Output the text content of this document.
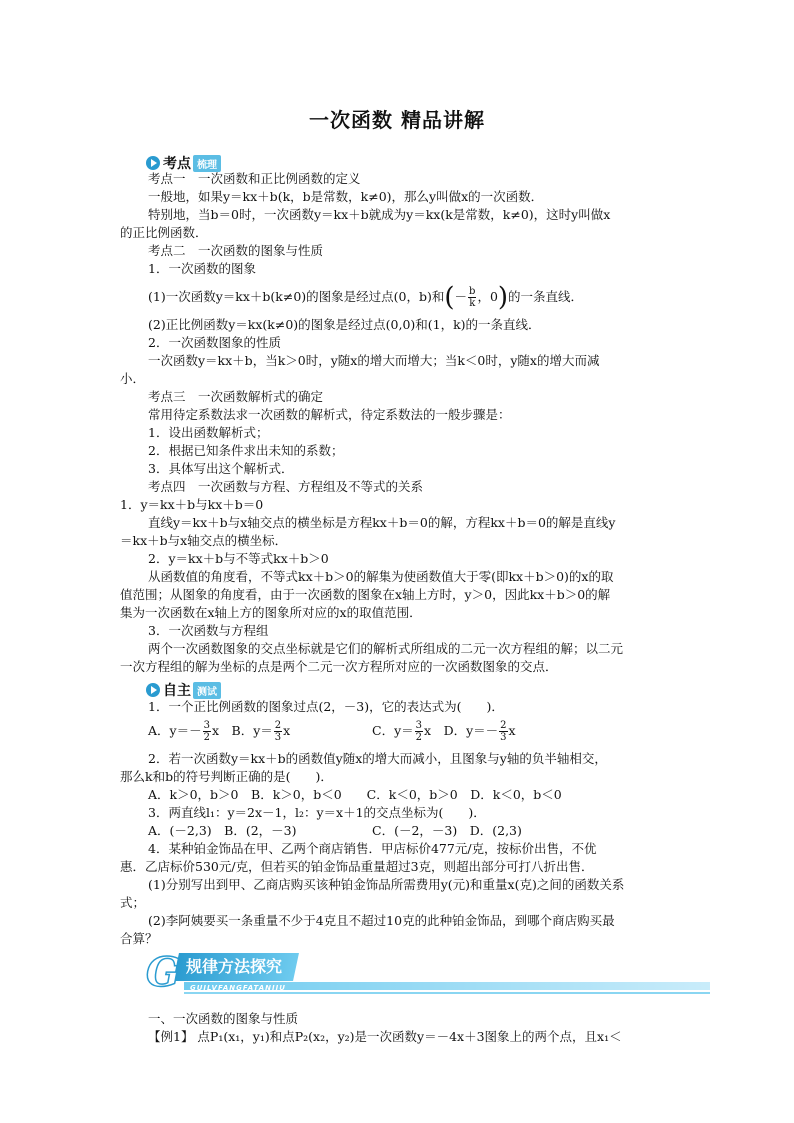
一次函数 精品讲解
考点 梳理
考点一　一次函数和正比例函数的定义
一般地，如果y＝kx＋b(k，b是常数，k≠0)，那么y叫做x的一次函数．
特别地，当b＝0时，一次函数y＝kx＋b就成为y＝kx(k是常数，k≠0)，这时y叫做x
的正比例函数．
考点二　一次函数的图象与性质
1．一次函数的图象
(1)一次函数y＝kx＋b(k≠0)的图象是经过点(0，b)和(－ $\frac{b}{k}$ ，0)的一条直线．
(2)正比例函数y＝kx(k≠0)的图象是经过点(0,0)和(1，k)的一条直线．
2．一次函数图象的性质
一次函数y＝kx＋b，当k＞0时，y随x的增大而增大；当k＜0时，y随x的增大而减
小．
考点三　一次函数解析式的确定
常用待定系数法求一次函数的解析式，待定系数法的一般步骤是：
1．设出函数解析式；
2．根据已知条件求出未知的系数；
3．具体写出这个解析式．
考点四　一次函数与方程、方程组及不等式的关系
1．y＝kx＋b与kx＋b＝0
直线y＝kx＋b与x轴交点的横坐标是方程kx＋b＝0的解，方程kx＋b＝0的解是直线y
＝kx＋b与x轴交点的横坐标．
2．y＝kx＋b与不等式kx＋b＞0
从函数值的角度看，不等式kx＋b＞0的解集为使函数值大于零(即kx＋b＞0)的x的取
值范围；从图象的角度看，由于一次函数的图象在x轴上方时，y＞0，因此kx＋b＞0的解
集为一次函数在x轴上方的图象所对应的x的取值范围．
3．一次函数与方程组
两个一次函数图象的交点坐标就是它们的解析式所组成的二元一次方程组的解；以二元
一次方程组的解为坐标的点是两个二元一次方程所对应的一次函数图象的交点．
自主 测试
1．一个正比例函数的图象过点(2，－3)，它的表达式为(　　)．
A．$y=- \frac{3}{2}$ x　B．$y= \frac{2}{3}$ x	C．$y= \frac{3}{2}$ x　D．$y=- \frac{2}{3}$ x
2．若一次函数y＝kx＋b的函数值y随x的增大而减小，且图象与y轴的负半轴相交，
那么k和b的符号判断正确的是(　　)．
A．k＞0，b＞0　B．k＞0，b＜0　　C．k＜0，b＞0　D．k＜0，b＜0
3．两直线l₁：y＝2x－1，l₂：y＝x＋1的交点坐标为(　　)．
A．(－2,3)　B．(2，－3)	C．(－2，－3)　D．(2,3)
4．某种铂金饰品在甲、乙两个商店销售．甲店标价477元/克，按标价出售，不优
惠．乙店标价530元/克，但若买的铂金饰品重量超过3克，则超出部分可打八折出售．
(1)分别写出到甲、乙商店购买该种铂金饰品所需费用y(元)和重量x(克)之间的函数关系
式；
(2)李阿姨要买一条重量不少于4克且不超过10克的此种铂金饰品，到哪个商店购买最
合算？
规律方法探究
G	GUILVFANGFATANJIU
一、一次函数的图象与性质
【例1】 点P₁(x₁，y₁)和点P₂(x₂，y₂)是一次函数y＝－4x＋3图象上的两个点，且x₁＜
